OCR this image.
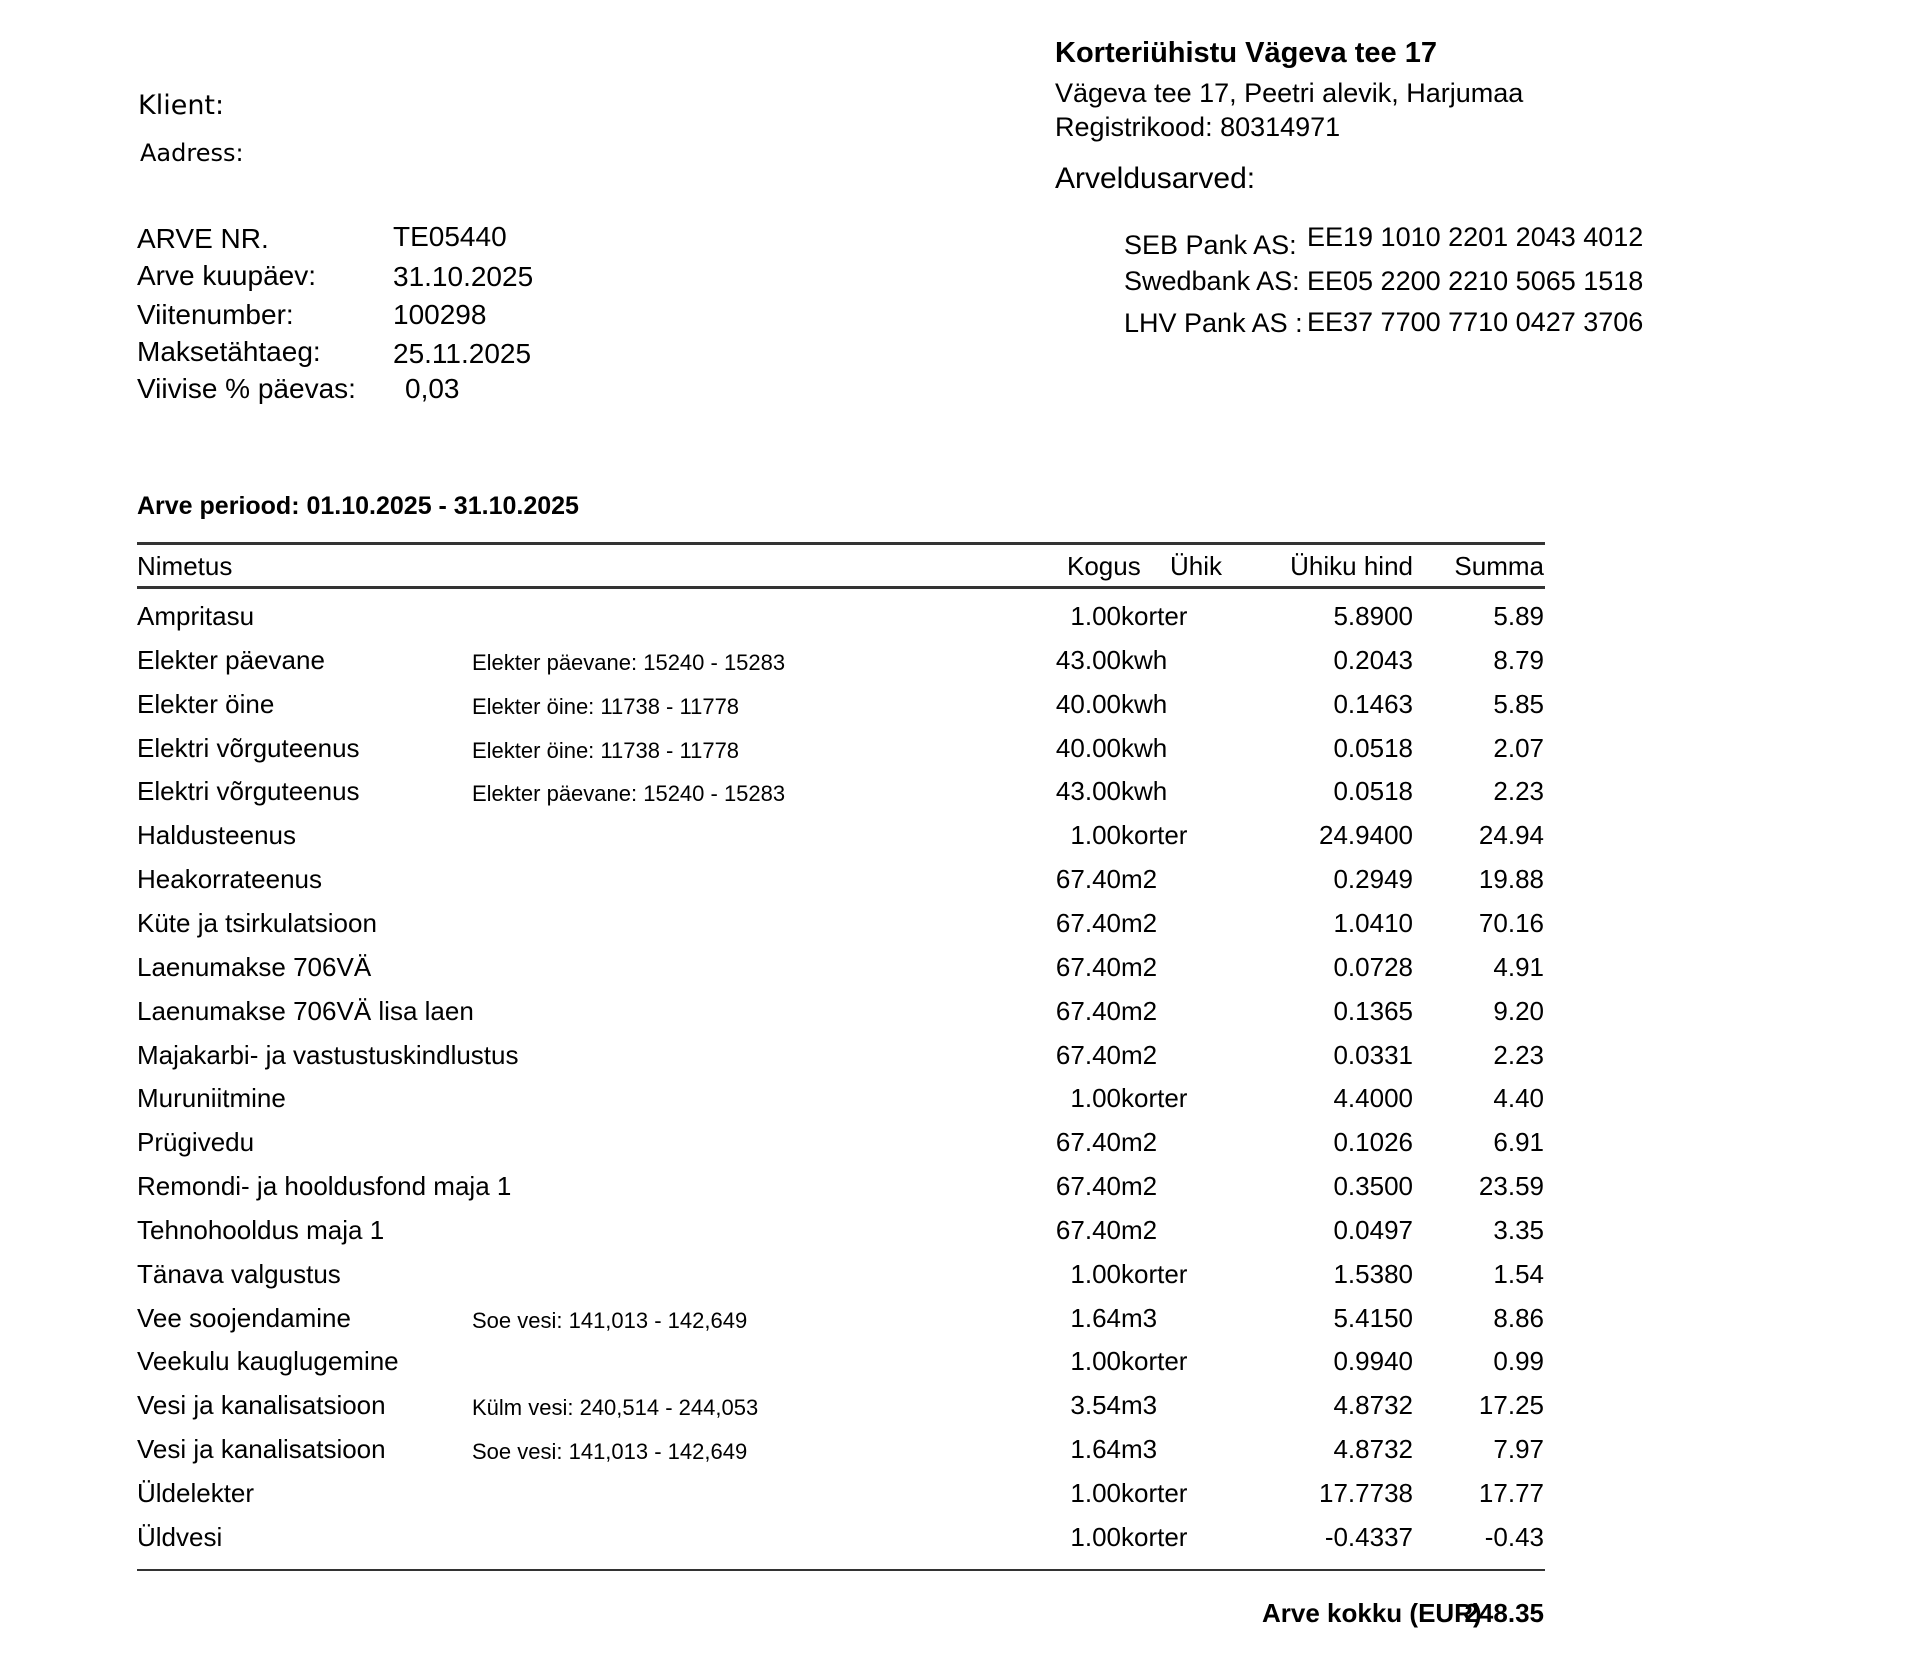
Klient:
Aadress:
ARVE NR.	TE05440
Arve kuupäev:	31.10.2025
Viitenumber:	100298
Maksetähtaeg:	25.11.2025
Viivise % päevas: 0,03
Korteriühistu Vägeva tee 17
Vägeva tee 17, Peetri alevik, Harjumaa
Registrikood: 80314971
Arveldusarved:
SEB Pank AS: EE19 1010 2201 2043 4012
Swedbank AS: EE05 2200 2210 5065 1518
LHV Pank AS : EE37 7700 7710 0427 3706
Arve periood: 01.10.2025 - 31.10.2025
Nimetus	Kogus Ühik	Ühiku hind Summa
Ampritasu	1.00 korter	5.8900	5.89
Elekter päevane	Elekter päevane: 15240 - 15283	43.00 kwh	0.2043	8.79
Elekter öine	Elekter öine: 11738 - 11778	40.00 kwh	0.1463	5.85
Elektri võrguteenus	Elekter öine: 11738 - 11778	40.00 kwh	0.0518	2.07
Elektri võrguteenus	Elekter päevane: 15240 - 15283	43.00 kwh	0.0518	2.23
Haldusteenus	1.00 korter	24.9400	24.94
Heakorrateenus	67.40 m2	0.2949	19.88
Küte ja tsirkulatsioon	67.40 m2	1.0410	70.16
Laenumakse 706VÄ	67.40 m2	0.0728	4.91
Laenumakse 706VÄ lisa laen	67.40 m2	0.1365	9.20
Majakarbi- ja vastustuskindlustus	67.40 m2	0.0331	2.23
Muruniitmine	1.00 korter	4.4000	4.40
Prügivedu	67.40 m2	0.1026	6.91
Remondi- ja hooldusfond maja 1	67.40 m2	0.3500	23.59
Tehnohooldus maja 1	67.40 m2	0.0497	3.35
Tänava valgustus	1.00 korter	1.5380	1.54
Vee soojendamine	Soe vesi: 141,013 - 142,649	1.64 m3	5.4150	8.86
Veekulu kauglugemine	1.00 korter	0.9940	0.99
Vesi ja kanalisatsioon	Külm vesi: 240,514 - 244,053	3.54 m3	4.8732	17.25
Vesi ja kanalisatsioon	Soe vesi: 141,013 - 142,649	1.64 m3	4.8732	7.97
Üldelekter	1.00 korter	17.7738	17.77
Üldvesi	1.00 korter	-0.4337	-0.43
Arve kokku (EUR)
248.35
